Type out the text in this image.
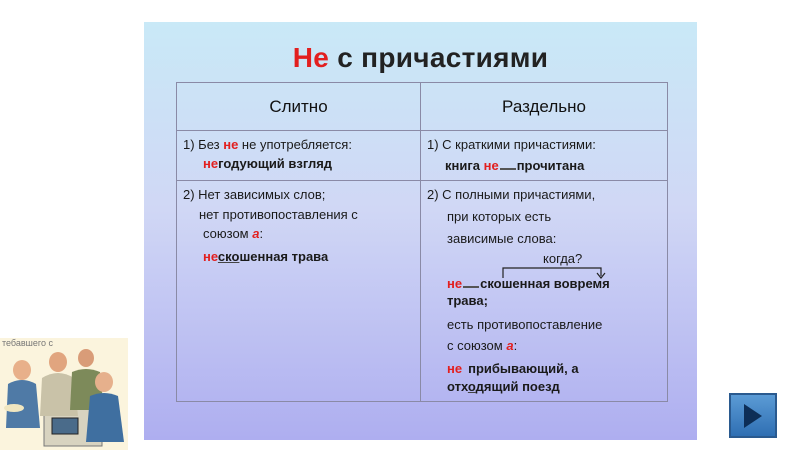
Не с причастиями
Слитно	Раздельно
1) Без не не употребляется:
негодующий взгляд
1) С краткими причастиями:
книга не прочитана
2) Нет зависимых слов;
нет противопоставления с
союзом а:
нескошенная трава
2) С полными причастиями,
при которых есть
зависимые слова:
когда?
не скошенная вовремя
трава;
есть противопоставление
с союзом а:
не прибывающий, а
отходящий поезд
тебавшего с
